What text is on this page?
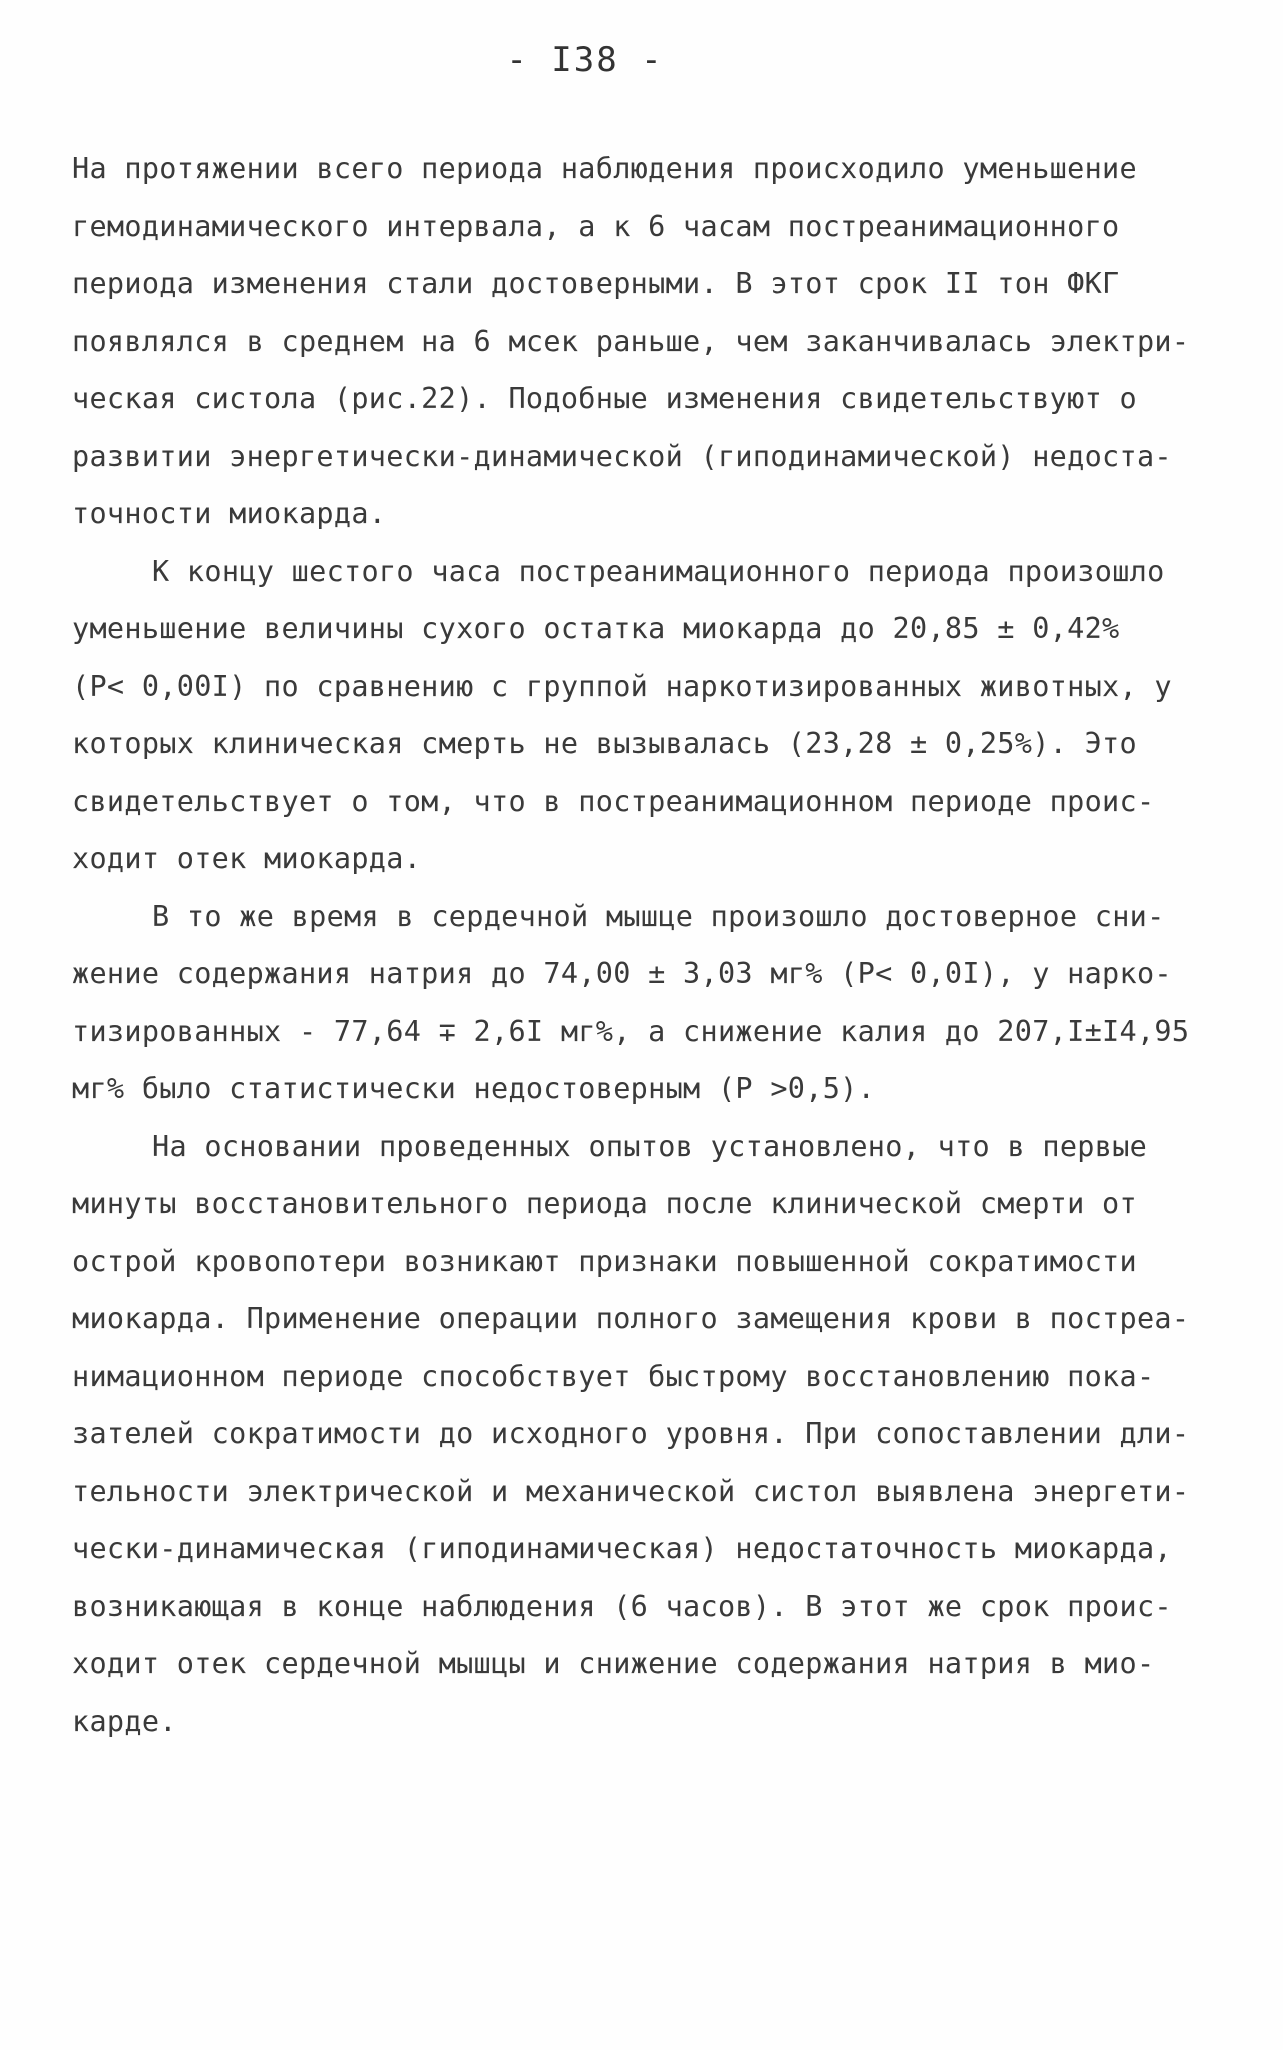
- I38 -

На протяжении всего периода наблюдения происходило уменьшение
гемодинамического интервала, а к 6 часам постреанимационного
периода изменения стали достоверными. В этот срок II тон ФКГ
появлялся в среднем на 6 мсек раньше, чем заканчивалась электри-
ческая систола (рис.22). Подобные изменения свидетельствуют о
развитии энергетически-динамической (гиподинамической) недоста-
точности миокарда.

К концу шестого часа постреанимационного периода произошло
уменьшение величины сухого остатка миокарда до 20,85 ± 0,42%
(Р< 0,00I) по сравнению с группой наркотизированных животных, у
которых клиническая смерть не вызывалась (23,28 ± 0,25%). Это
свидетельствует о том, что в постреанимационном периоде проис-
ходит отек миокарда.

В то же время в сердечной мышце произошло достоверное сни-
жение содержания натрия до 74,00 ± 3,03 мг% (Р< 0,0I), у нарко-
тизированных - 77,64 ∓ 2,6I мг%, а снижение калия до 207,I±I4,95
мг% было статистически недостоверным (Р >0,5).

На основании проведенных опытов установлено, что в первые
минуты восстановительного периода после клинической смерти от
острой кровопотери возникают признаки повышенной сократимости
миокарда. Применение операции полного замещения крови в постреа-
нимационном периоде способствует быстрому восстановлению пока-
зателей сократимости до исходного уровня. При сопоставлении дли-
тельности электрической и механической систол выявлена энергети-
чески-динамическая (гиподинамическая) недостаточность миокарда,
возникающая в конце наблюдения (6 часов). В этот же срок проис-
ходит отек сердечной мышцы и снижение содержания натрия в мио-
карде.
